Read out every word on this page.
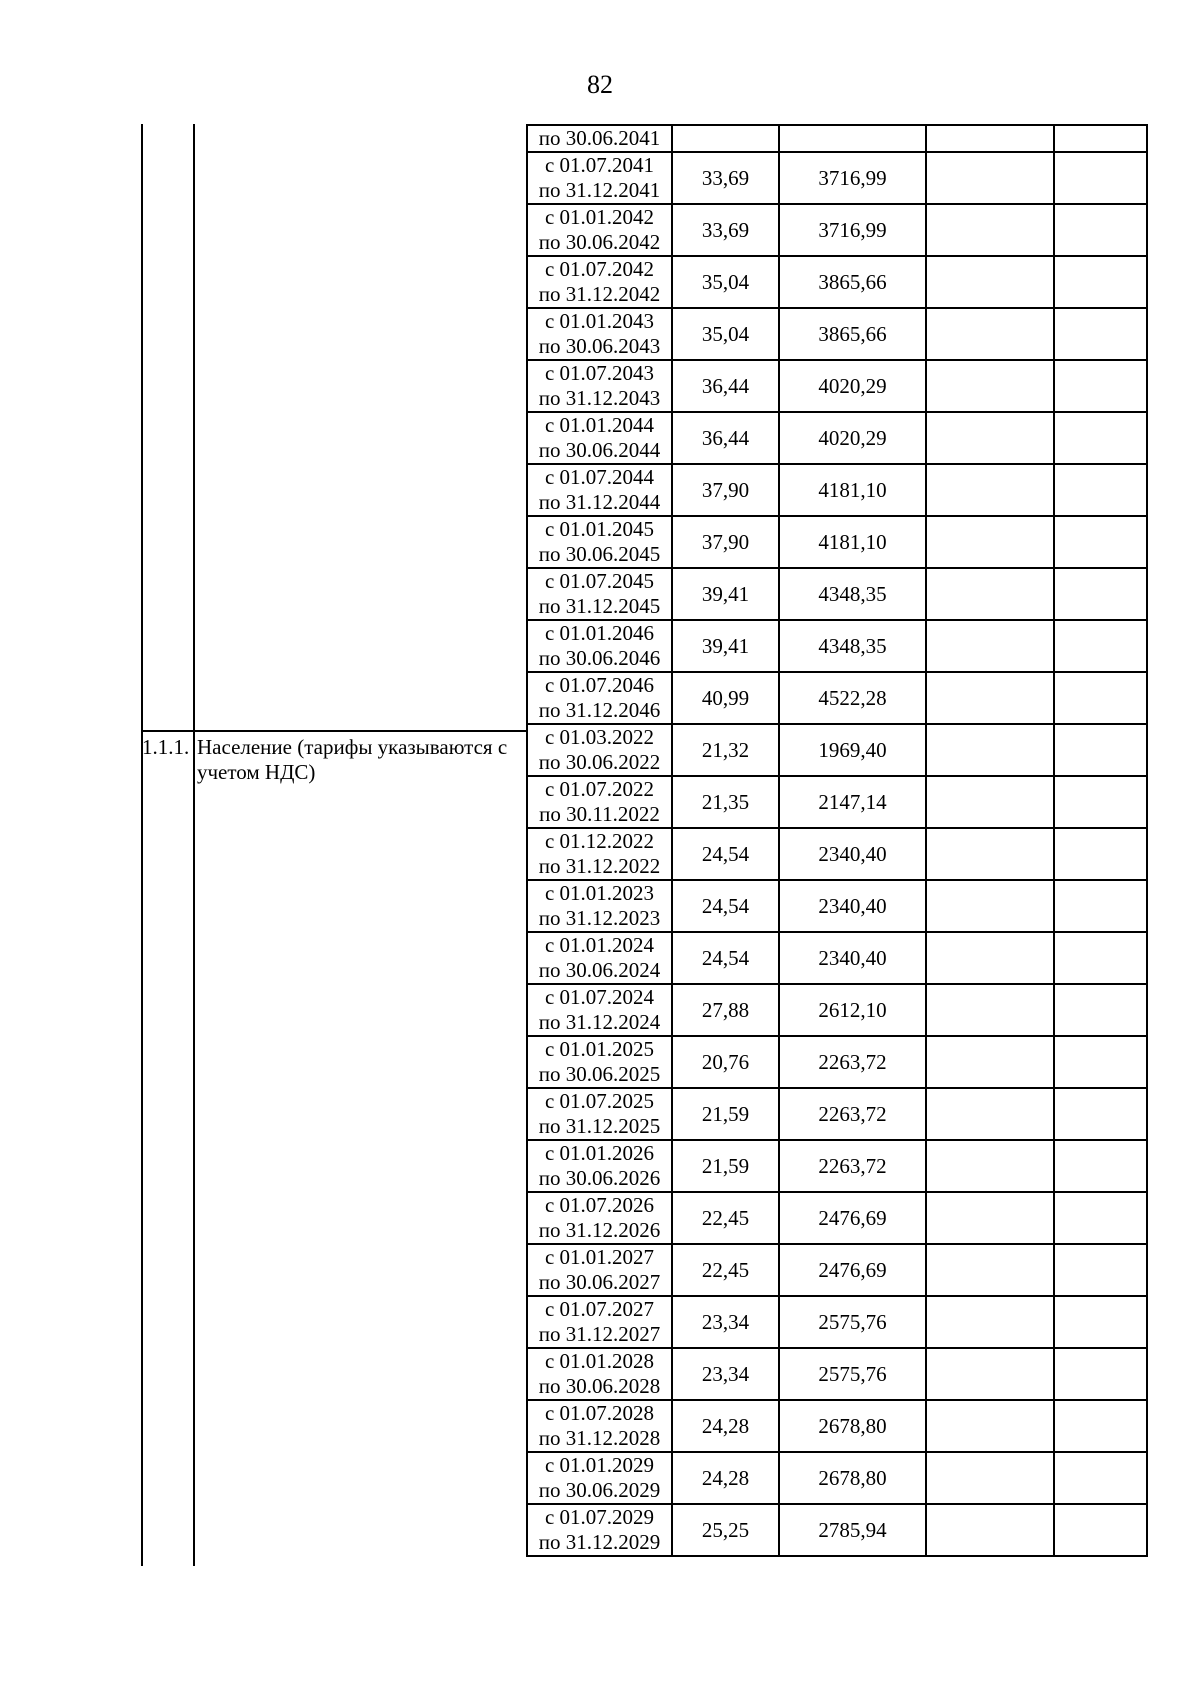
82
1.1.1. Население (тарифы указываются с учетом НДС)
по 30.06.2041				

с 01.07.2041
по 31.12.2041	33,69	3716,99		

с 01.01.2042
по 30.06.2042	33,69	3716,99		

с 01.07.2042
по 31.12.2042	35,04	3865,66		

с 01.01.2043
по 30.06.2043	35,04	3865,66		

с 01.07.2043
по 31.12.2043	36,44	4020,29		

с 01.01.2044
по 30.06.2044	36,44	4020,29		

с 01.07.2044
по 31.12.2044	37,90	4181,10		

с 01.01.2045
по 30.06.2045	37,90	4181,10		

с 01.07.2045
по 31.12.2045	39,41	4348,35		

с 01.01.2046
по 30.06.2046	39,41	4348,35		

с 01.07.2046
по 31.12.2046	40,99	4522,28		

с 01.03.2022
по 30.06.2022	21,32	1969,40		

с 01.07.2022
по 30.11.2022	21,35	2147,14		

с 01.12.2022
по 31.12.2022	24,54	2340,40		

с 01.01.2023
по 31.12.2023	24,54	2340,40		

с 01.01.2024
по 30.06.2024	24,54	2340,40		

с 01.07.2024
по 31.12.2024	27,88	2612,10		

с 01.01.2025
по 30.06.2025	20,76	2263,72		

с 01.07.2025
по 31.12.2025	21,59	2263,72		

с 01.01.2026
по 30.06.2026	21,59	2263,72		

с 01.07.2026
по 31.12.2026	22,45	2476,69		

с 01.01.2027
по 30.06.2027	22,45	2476,69		

с 01.07.2027
по 31.12.2027	23,34	2575,76		

с 01.01.2028
по 30.06.2028	23,34	2575,76		

с 01.07.2028
по 31.12.2028	24,28	2678,80		

с 01.01.2029
по 30.06.2029	24,28	2678,80		

с 01.07.2029
по 31.12.2029	25,25	2785,94		
